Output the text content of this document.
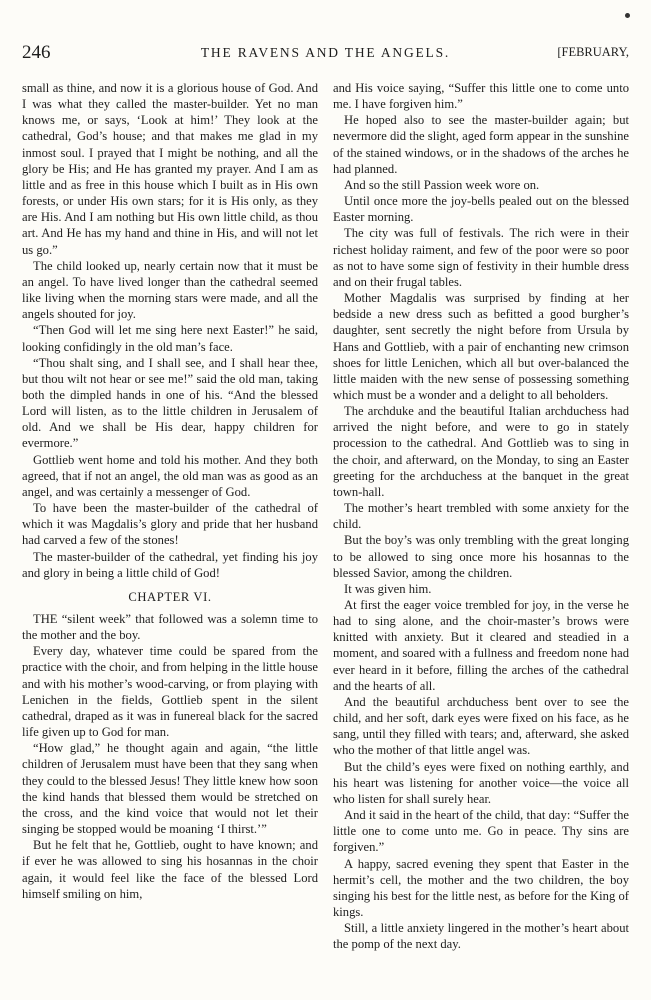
246	THE RAVENS AND THE ANGELS.	[FEBRUARY,

small as thine, and now it is a glorious house of God. And I was what they called the master-builder. Yet no man knows me, or says, ‘Look at him!’ They look at the cathedral, God’s house; and that makes me glad in my inmost soul. I prayed that I might be nothing, and all the glory be His; and He has granted my prayer. And I am as little and as free in this house which I built as in His own forests, or under His own stars; for it is His only, as they are His. And I am nothing but His own little child, as thou art. And He has my hand and thine in His, and will not let us go.”

The child looked up, nearly certain now that it must be an angel. To have lived longer than the cathedral seemed like living when the morning stars were made, and all the angels shouted for joy.

“Then God will let me sing here next Easter!” he said, looking confidingly in the old man’s face.

“Thou shalt sing, and I shall see, and I shall hear thee, but thou wilt not hear or see me!” said the old man, taking both the dimpled hands in one of his. “And the blessed Lord will listen, as to the little children in Jerusalem of old. And we shall be His dear, happy children for evermore.”

Gottlieb went home and told his mother. And they both agreed, that if not an angel, the old man was as good as an angel, and was certainly a messenger of God.

To have been the master-builder of the cathedral of which it was Magdalis’s glory and pride that her husband had carved a few of the stones!

The master-builder of the cathedral, yet finding his joy and glory in being a little child of God!

CHAPTER VI.

THE “silent week” that followed was a solemn time to the mother and the boy.

Every day, whatever time could be spared from the practice with the choir, and from helping in the little house and with his mother’s wood-carving, or from playing with Lenichen in the fields, Gottlieb spent in the silent cathedral, draped as it was in funereal black for the sacred life given up to God for man.

“How glad,” he thought again and again, “the little children of Jerusalem must have been that they sang when they could to the blessed Jesus! They little knew how soon the kind hands that blessed them would be stretched on the cross, and the kind voice that would not let their singing be stopped would be moaning ‘I thirst.’”

But he felt that he, Gottlieb, ought to have known; and if ever he was allowed to sing his hosannas in the choir again, it would feel like the face of the blessed Lord himself smiling on him,

and His voice saying, “Suffer this little one to come unto me. I have forgiven him.”

He hoped also to see the master-builder again; but nevermore did the slight, aged form appear in the sunshine of the stained windows, or in the shadows of the arches he had planned.

And so the still Passion week wore on.

Until once more the joy-bells pealed out on the blessed Easter morning.

The city was full of festivals. The rich were in their richest holiday raiment, and few of the poor were so poor as not to have some sign of festivity in their humble dress and on their frugal tables.

Mother Magdalis was surprised by finding at her bedside a new dress such as befitted a good burgher’s daughter, sent secretly the night before from Ursula by Hans and Gottlieb, with a pair of enchanting new crimson shoes for little Lenichen, which all but over-balanced the little maiden with the new sense of possessing something which must be a wonder and a delight to all beholders.

The archduke and the beautiful Italian archduchess had arrived the night before, and were to go in stately procession to the cathedral. And Gottlieb was to sing in the choir, and afterward, on the Monday, to sing an Easter greeting for the archduchess at the banquet in the great town-hall.

The mother’s heart trembled with some anxiety for the child.

But the boy’s was only trembling with the great longing to be allowed to sing once more his hosannas to the blessed Savior, among the children.

It was given him.

At first the eager voice trembled for joy, in the verse he had to sing alone, and the choir-master’s brows were knitted with anxiety. But it cleared and steadied in a moment, and soared with a fullness and freedom none had ever heard in it before, filling the arches of the cathedral and the hearts of all.

And the beautiful archduchess bent over to see the child, and her soft, dark eyes were fixed on his face, as he sang, until they filled with tears; and, afterward, she asked who the mother of that little angel was.

But the child’s eyes were fixed on nothing earthly, and his heart was listening for another voice—the voice all who listen for shall surely hear.

And it said in the heart of the child, that day: “Suffer the little one to come unto me. Go in peace. Thy sins are forgiven.”

A happy, sacred evening they spent that Easter in the hermit’s cell, the mother and the two children, the boy singing his best for the little nest, as before for the King of kings.

Still, a little anxiety lingered in the mother’s heart about the pomp of the next day.
